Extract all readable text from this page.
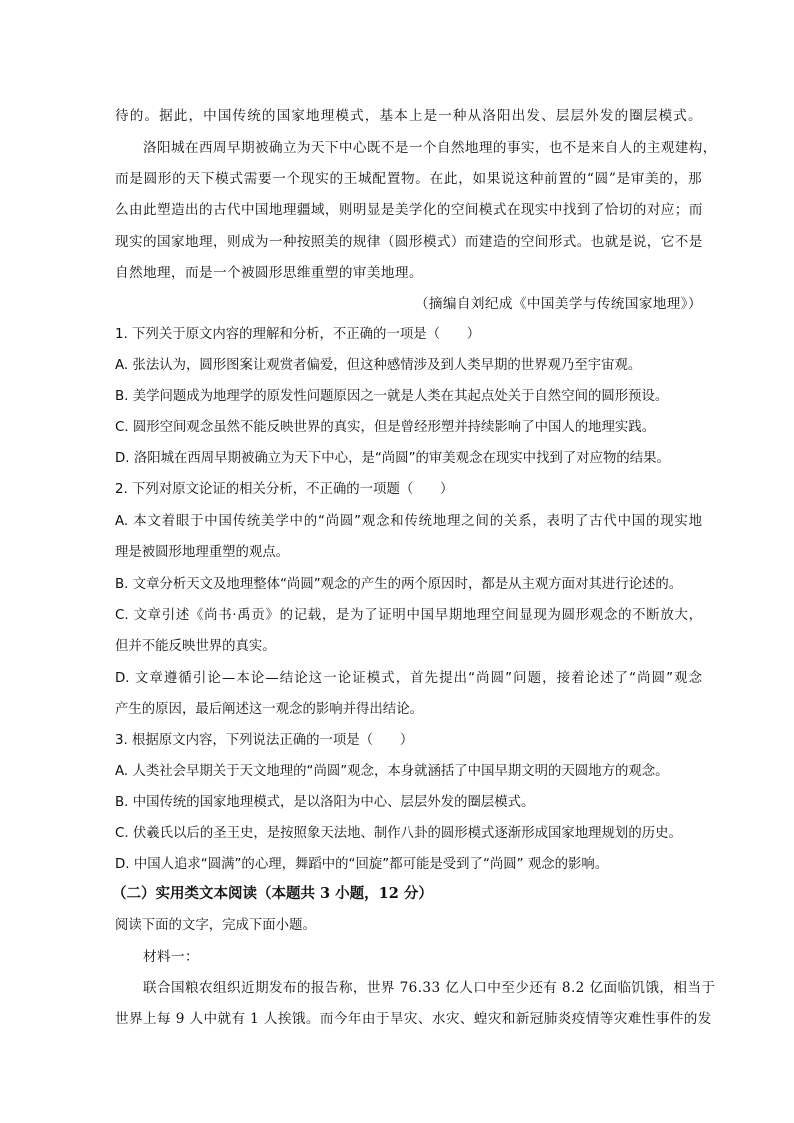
待的。据此，中国传统的国家地理模式，基本上是一种从洛阳出发、层层外发的圈层模式。
洛阳城在西周早期被确立为天下中心既不是一个自然地理的事实，也不是来自人的主观建构，
而是圆形的天下模式需要一个现实的王城配置物。在此，如果说这种前置的“圆”是审美的，那
么由此塑造出的古代中国地理疆域，则明显是美学化的空间模式在现实中找到了恰切的对应；而
现实的国家地理，则成为一种按照美的规律（圆形模式）而建造的空间形式。也就是说，它不是
自然地理，而是一个被圆形思维重塑的审美地理。
（摘编自刘纪成《中国美学与传统国家地理》）
1. 下列关于原文内容的理解和分析，不正确的一项是（　　）
A. 张法认为，圆形图案让观赏者偏爱，但这种感情涉及到人类早期的世界观乃至宇宙观。
B. 美学问题成为地理学的原发性问题原因之一就是人类在其起点处关于自然空间的圆形预设。
C. 圆形空间观念虽然不能反映世界的真实，但是曾经形塑并持续影响了中国人的地理实践。
D. 洛阳城在西周早期被确立为天下中心，是“尚圆”的审美观念在现实中找到了对应物的结果。
2. 下列对原文论证的相关分析，不正确的一项题（　　）
A. 本文着眼于中国传统美学中的“尚圆”观念和传统地理之间的关系，表明了古代中国的现实地
理是被圆形地理重塑的观点。
B. 文章分析天文及地理整体“尚圆”观念的产生的两个原因时，都是从主观方面对其进行论述的。
C. 文章引述《尚书·禹贡》的记载，是为了证明中国早期地理空间显现为圆形观念的不断放大，
但并不能反映世界的真实。
D. 文章遵循引论—本论—结论这一论证模式，首先提出“尚圆”问题，接着论述了“尚圆”观念
产生的原因，最后阐述这一观念的影响并得出结论。
3. 根据原文内容，下列说法正确的一项是（　　）
A. 人类社会早期关于天文地理的“尚圆”观念，本身就涵括了中国早期文明的天圆地方的观念。
B. 中国传统的国家地理模式，是以洛阳为中心、层层外发的圈层模式。
C. 伏羲氏以后的圣王史，是按照象天法地、制作八卦的圆形模式逐渐形成国家地理规划的历史。
D. 中国人追求“圆满”的心理，舞蹈中的“回旋”都可能是受到了“尚圆” 观念的影响。
（二）实用类文本阅读（本题共 3 小题，12 分）
阅读下面的文字，完成下面小题。
材料一：
联合国粮农组织近期发布的报告称，世界 76.33 亿人口中至少还有 8.2 亿面临饥饿，相当于
世界上每 9 人中就有 1 人挨饿。而今年由于旱灾、水灾、蝗灾和新冠肺炎疫情等灾难性事件的发
